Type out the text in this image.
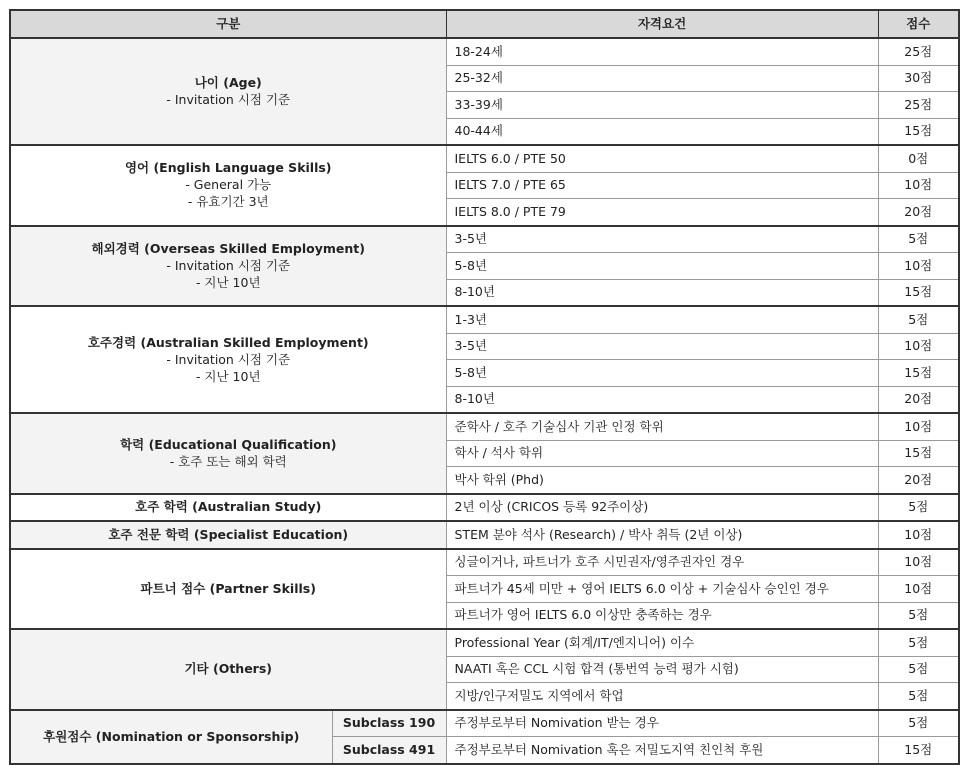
구분		자격요건	점수

나이 (Age)
- Invitation 시점 기준		18-24세	25점
		25-32세	30점
		33-39세	25점
		40-44세	15점

영어 (English Language Skills)
- General 가능
- 유효기간 3년		IELTS 6.0 / PTE 50	0점
		IELTS 7.0 / PTE 65	10점
		IELTS 8.0 / PTE 79	20점

해외경력 (Overseas Skilled Employment)
- Invitation 시점 기준
- 지난 10년		3-5년	5점
		5-8년	10점
		8-10년	15점

호주경력 (Australian Skilled Employment)
- Invitation 시점 기준
- 지난 10년		1-3년	5점
		3-5년	10점
		5-8년	15점
		8-10년	20점

학력 (Educational Qualification)
- 호주 또는 해외 학력		준학사 / 호주 기술심사 기관 인정 학위	10점
		학사 / 석사 학위	15점
		박사 학위 (Phd)	20점

호주 학력 (Australian Study)		2년 이상 (CRICOS 등록 92주이상)	5점

호주 전문 학력 (Specialist Education)		STEM 분야 석사 (Research) / 박사 취득 (2년 이상)	10점

파트너 점수 (Partner Skills)		싱글이거나, 파트너가 호주 시민권자/영주권자인 경우	10점
		파트너가 45세 미만 + 영어 IELTS 6.0 이상 + 기술심사 승인인 경우	10점
		파트너가 영어 IELTS 6.0 이상만 충족하는 경우	5점

기타 (Others)		Professional Year (회계/IT/엔지니어) 이수	5점
		NAATI 혹은 CCL 시험 합격 (통번역 능력 평가 시험)	5점
		지방/인구저밀도 지역에서 학업	5점

후원점수 (Nomination or Sponsorship)	Subclass 190	주정부로부터 Nomivation 받는 경우	5점
	Subclass 491	주정부로부터 Nomivation 혹은 저밀도지역 친인척 후원	15점
